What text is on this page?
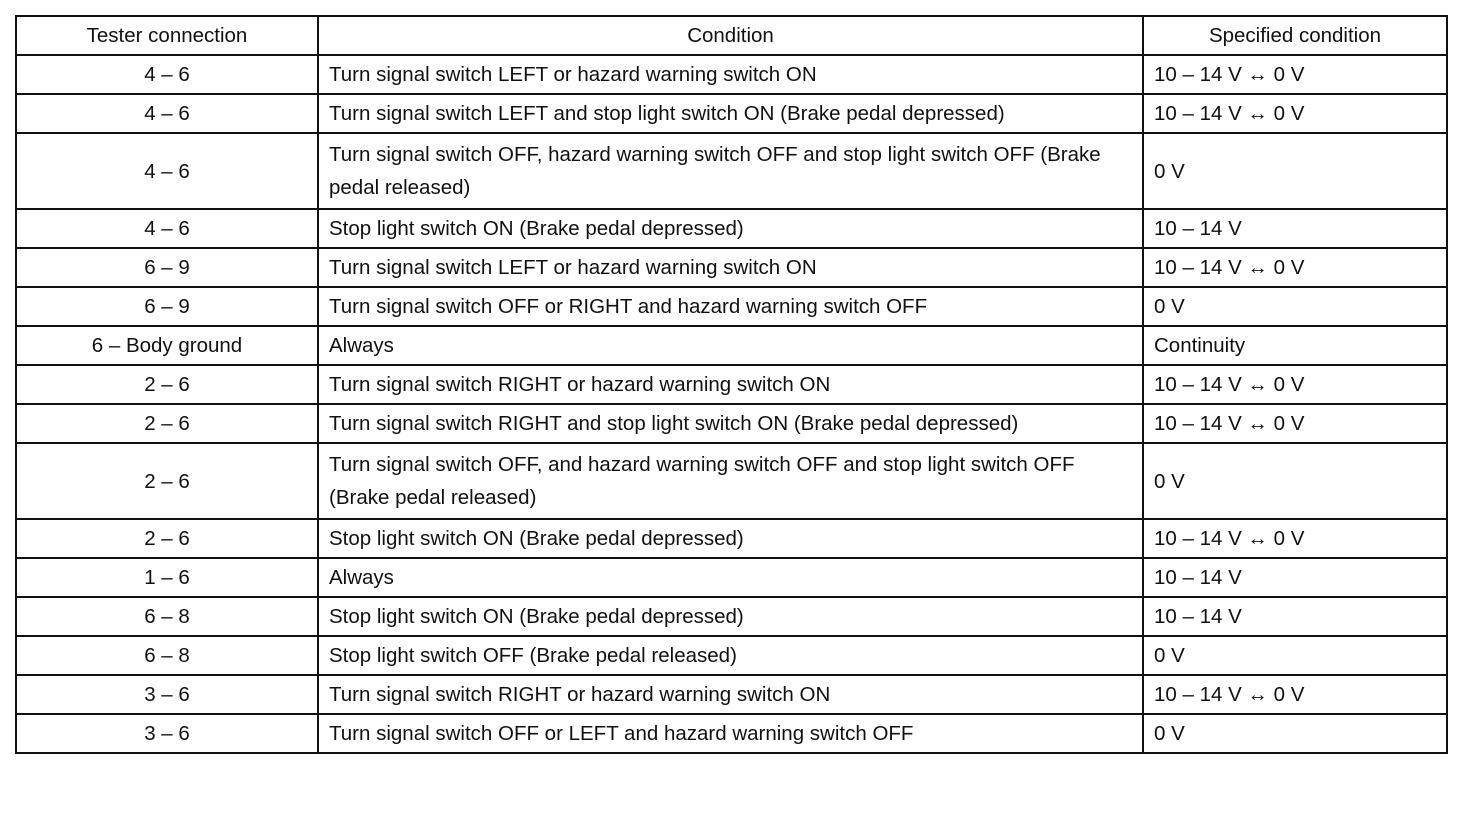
Tester connection	Condition	Specified condition
4 – 6	Turn signal switch LEFT or hazard warning switch ON	10 – 14 V ↔ 0 V
4 – 6	Turn signal switch LEFT and stop light switch ON (Brake pedal depressed)	10 – 14 V ↔ 0 V
4 – 6	Turn signal switch OFF, hazard warning switch OFF and stop light switch OFF (Brake pedal released)	0 V
4 – 6	Stop light switch ON (Brake pedal depressed)	10 – 14 V
6 – 9	Turn signal switch LEFT or hazard warning switch ON	10 – 14 V ↔ 0 V
6 – 9	Turn signal switch OFF or RIGHT and hazard warning switch OFF	0 V
6 – Body ground	Always	Continuity
2 – 6	Turn signal switch RIGHT or hazard warning switch ON	10 – 14 V ↔ 0 V
2 – 6	Turn signal switch RIGHT and stop light switch ON (Brake pedal depressed)	10 – 14 V ↔ 0 V
2 – 6	Turn signal switch OFF, and hazard warning switch OFF and stop light switch OFF (Brake pedal released)	0 V
2 – 6	Stop light switch ON (Brake pedal depressed)	10 – 14 V ↔ 0 V
1 – 6	Always	10 – 14 V
6 – 8	Stop light switch ON (Brake pedal depressed)	10 – 14 V
6 – 8	Stop light switch OFF (Brake pedal released)	0 V
3 – 6	Turn signal switch RIGHT or hazard warning switch ON	10 – 14 V ↔ 0 V
3 – 6	Turn signal switch OFF or LEFT and hazard warning switch OFF	0 V
